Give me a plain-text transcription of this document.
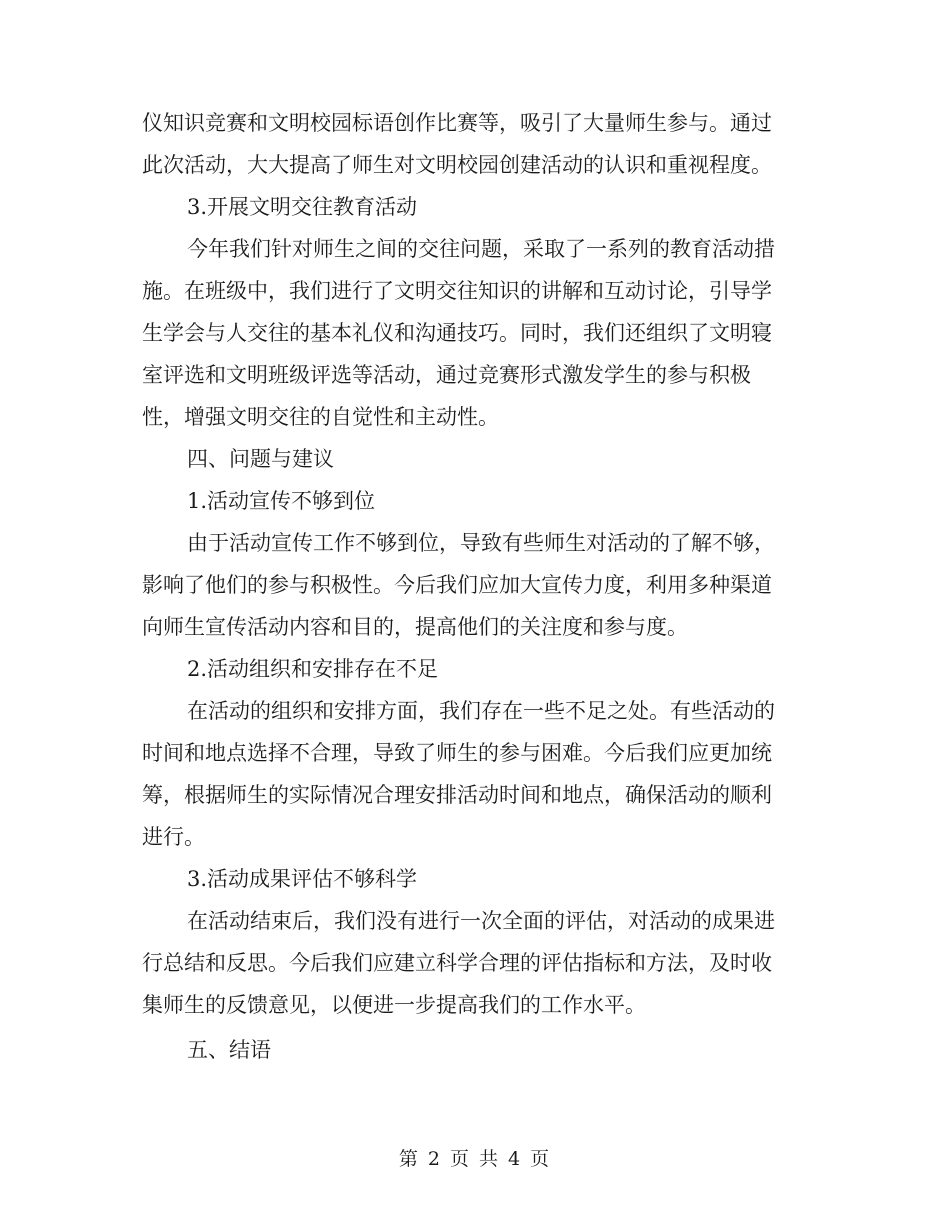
仪知识竞赛和文明校园标语创作比赛等，吸引了大量师生参与。通过
此次活动，大大提高了师生对文明校园创建活动的认识和重视程度。
3.开展文明交往教育活动
今年我们针对师生之间的交往问题，采取了一系列的教育活动措
施。在班级中，我们进行了文明交往知识的讲解和互动讨论，引导学
生学会与人交往的基本礼仪和沟通技巧。同时，我们还组织了文明寝
室评选和文明班级评选等活动，通过竞赛形式激发学生的参与积极
性，增强文明交往的自觉性和主动性。
四、问题与建议
1.活动宣传不够到位
由于活动宣传工作不够到位，导致有些师生对活动的了解不够，
影响了他们的参与积极性。今后我们应加大宣传力度，利用多种渠道
向师生宣传活动内容和目的，提高他们的关注度和参与度。
2.活动组织和安排存在不足
在活动的组织和安排方面，我们存在一些不足之处。有些活动的
时间和地点选择不合理，导致了师生的参与困难。今后我们应更加统
筹，根据师生的实际情况合理安排活动时间和地点，确保活动的顺利
进行。
3.活动成果评估不够科学
在活动结束后，我们没有进行一次全面的评估，对活动的成果进
行总结和反思。今后我们应建立科学合理的评估指标和方法，及时收
集师生的反馈意见，以便进一步提高我们的工作水平。
五、结语
第 2 页 共 4 页
